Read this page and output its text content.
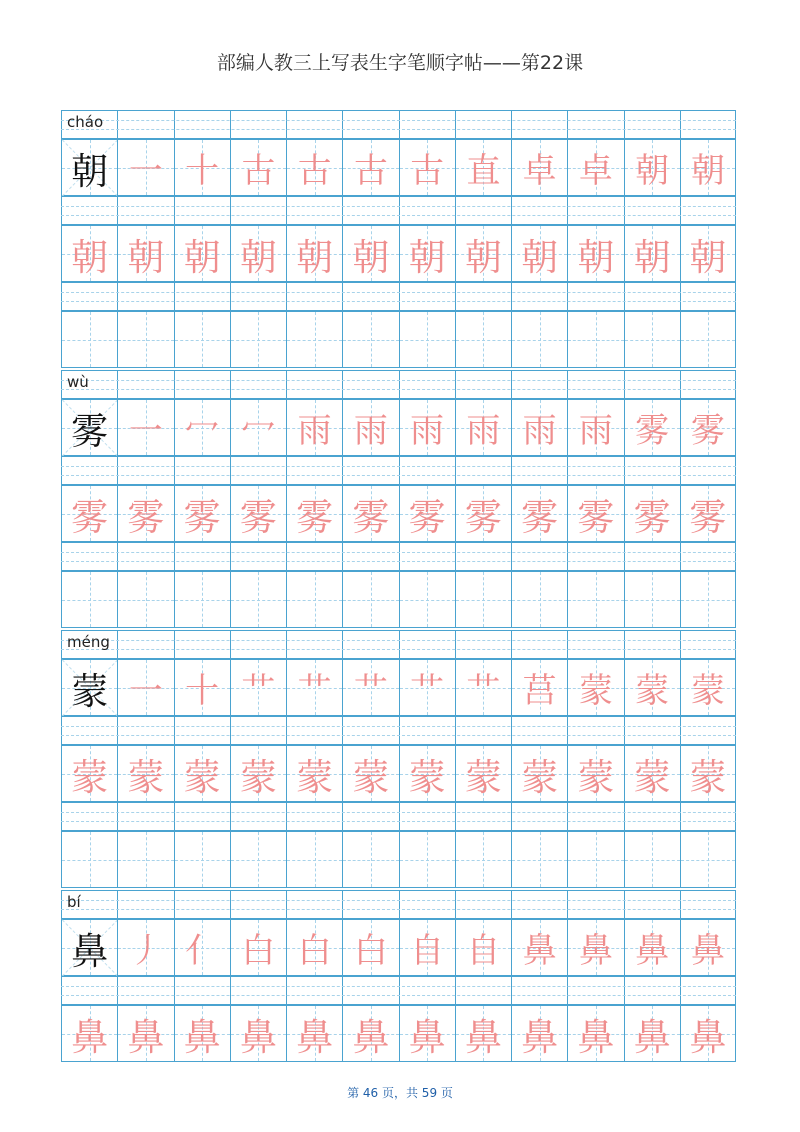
部编人教三上写表生字笔顺字帖——第22课
cháo
朝 一 十 古 古 古 古 直 卓 卓 朝 朝
朝 朝 朝 朝 朝 朝 朝 朝 朝 朝 朝 朝
wù
雾 一 冖 冖 雨 雨 雨 雨 雨 雨 雾 雾
雾 雾 雾 雾 雾 雾 雾 雾 雾 雾 雾 雾
méng
蒙 一 十 艹 艹 艹 艹 艹 莒 蒙 蒙 蒙
蒙 蒙 蒙 蒙 蒙 蒙 蒙 蒙 蒙 蒙 蒙 蒙
bí
鼻 丿 亻 白 白 白 自 自 鼻 鼻 鼻 鼻
鼻 鼻 鼻 鼻 鼻 鼻 鼻 鼻 鼻 鼻 鼻 鼻
第 46 页，共 59 页
